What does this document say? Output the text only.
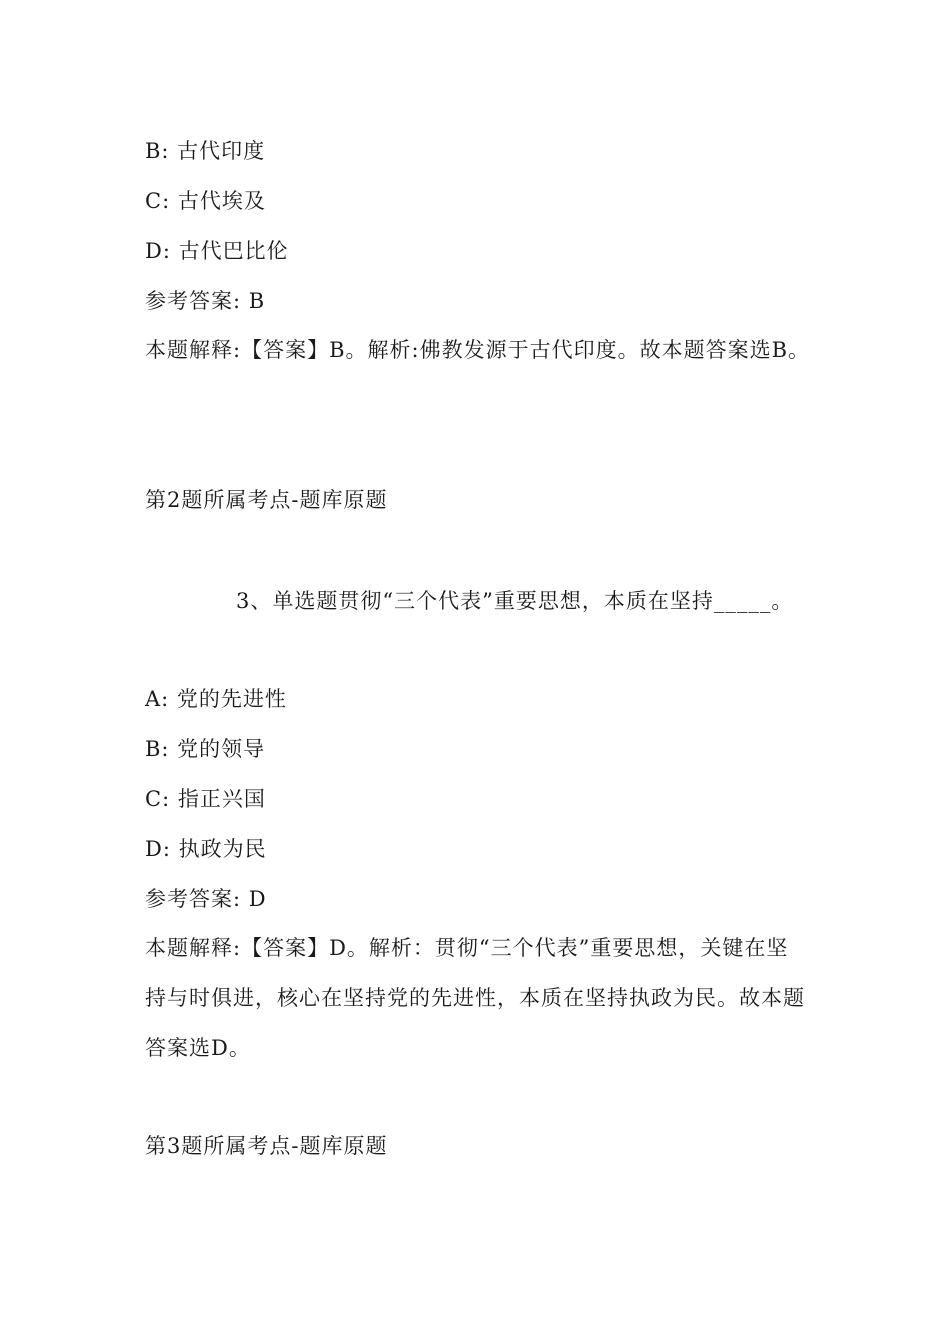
B: 古代印度
C: 古代埃及
D: 古代巴比伦
参考答案: B
本题解释:【答案】B。解析:佛教发源于古代印度。故本题答案选B。
第2题所属考点-题库原题
3、单选题贯彻“三个代表”重要思想，本质在坚持_____。
A: 党的先进性
B: 党的领导
C: 指正兴国
D: 执政为民
参考答案: D
本题解释:【答案】D。解析：贯彻“三个代表”重要思想，关键在坚持与时俱进，核心在坚持党的先进性，本质在坚持执政为民。故本题答案选D。
第3题所属考点-题库原题
